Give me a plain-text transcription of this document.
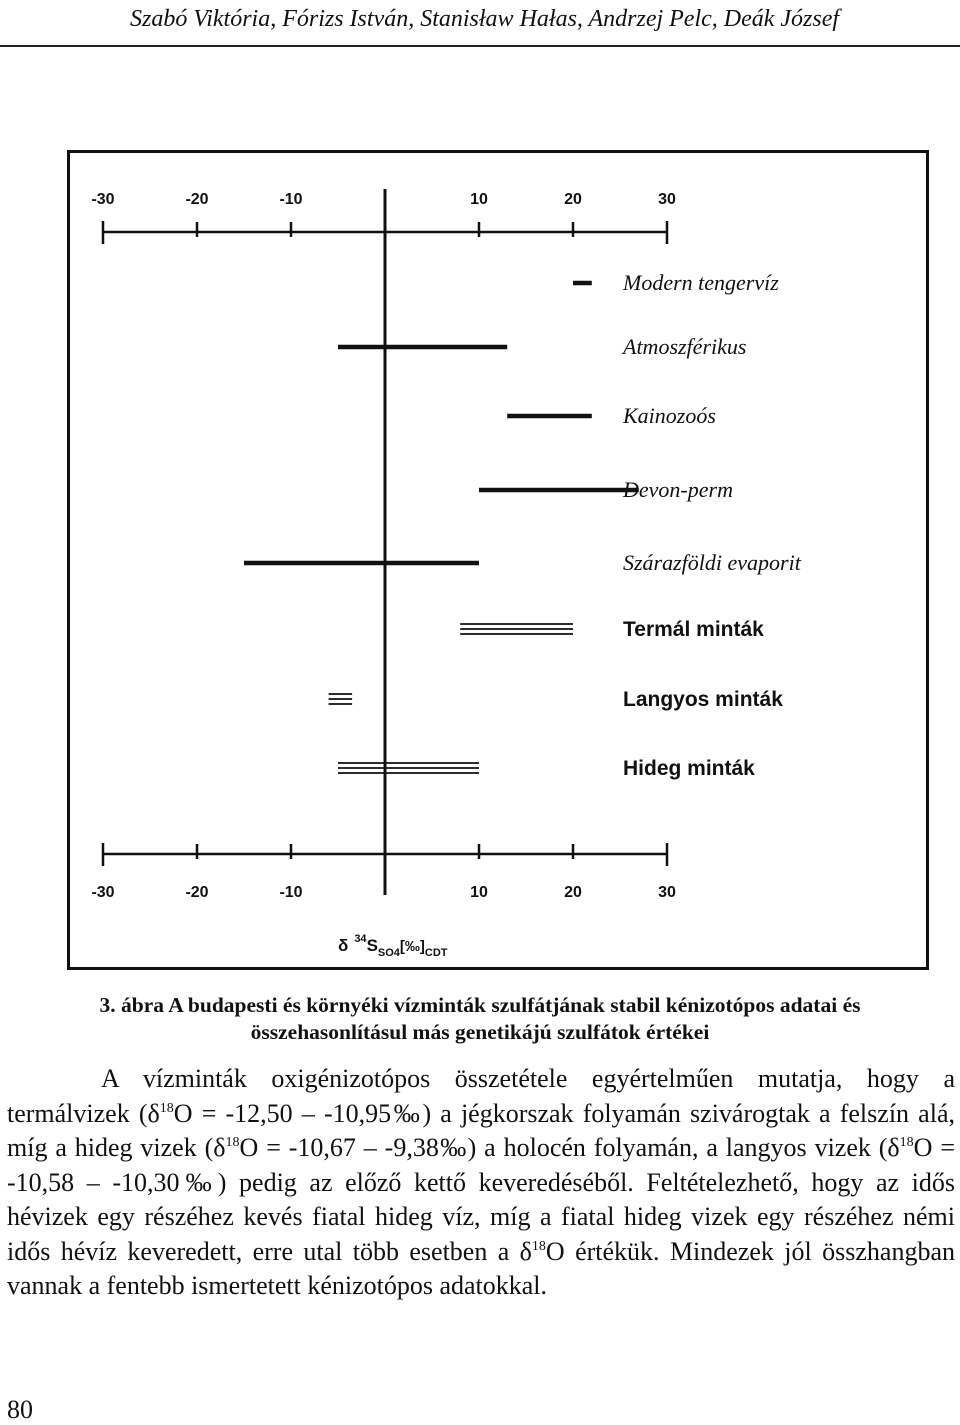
Szabó Viktória, Fórizs István, Stanisław Hałas, Andrzej Pelc, Deák József
-30	-20	-10	10	20	30
-30	-20	-10	10	20	30
Modern tengervíz
Atmoszférikus
Kainozoós
Devon-perm
Szárazföldi evaporit
Termál minták
Langyos minták
Hideg minták
δ $^{34}S_{SO4}[‰]_{CDT}$
3. ábra A budapesti és környéki vízminták szulfátjának stabil kénizotópos adatai és összehasonlításul más genetikájú szulfátok értékei

A vízminták oxigénizotópos összetétele egyértelműen mutatja, hogy a termálvizek ($\delta^{18}O = -12,50$ – -10,95‰) a jégkorszak folyamán szivárogtak a felszín alá, míg a hideg vizek ($\delta^{18}O = -10,67$ – -9,38‰) a holocén folyamán, a langyos vizek ($\delta^{18}O = -10,58$ – -10,30‰) pedig az előző kettő keveredéséből. Feltételezhető, hogy az idős hévizek egy részéhez kevés fiatal hideg víz, míg a fiatal hideg vizek egy részéhez némi idős hévíz keveredett, erre utal több esetben a $\delta^{18}O$ értékük. Mindezek jól összhangban vannak a fentebb ismertetett kénizotópos adatokkal.

80
